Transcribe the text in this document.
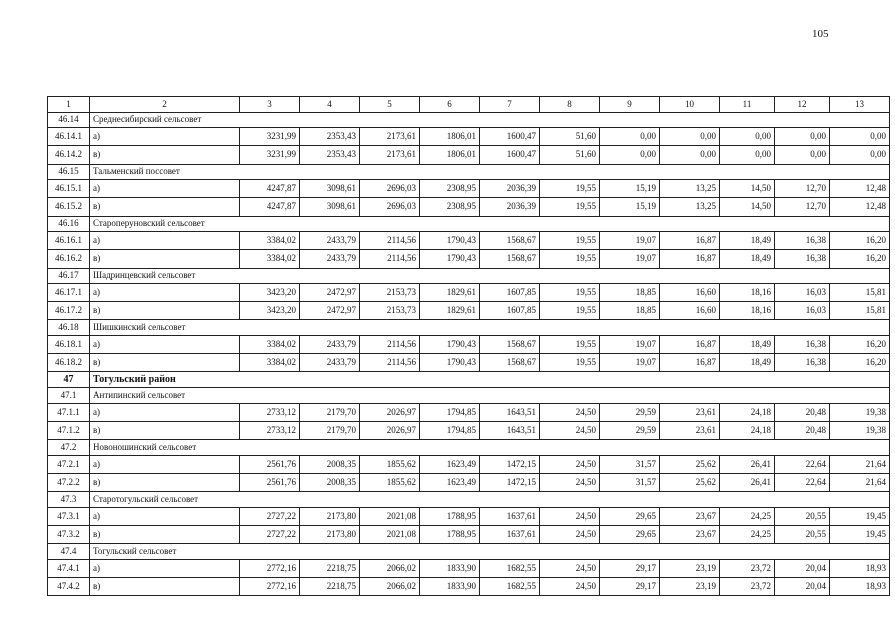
105
1	2	3	4	5	6	7	8	9	10	11	12	13
46.14	Среднесибирский сельсовет											
46.14.1	а)	3231,99	2353,43	2173,61	1806,01	1600,47	51,60	0,00	0,00	0,00	0,00	0,00
46.14.2	в)	3231,99	2353,43	2173,61	1806,01	1600,47	51,60	0,00	0,00	0,00	0,00	0,00
46.15	Тальменский поссовет											
46.15.1	а)	4247,87	3098,61	2696,03	2308,95	2036,39	19,55	15,19	13,25	14,50	12,70	12,48
46.15.2	в)	4247,87	3098,61	2696,03	2308,95	2036,39	19,55	15,19	13,25	14,50	12,70	12,48
46.16	Староперуновский сельсовет											
46.16.1	а)	3384,02	2433,79	2114,56	1790,43	1568,67	19,55	19,07	16,87	18,49	16,38	16,20
46.16.2	в)	3384,02	2433,79	2114,56	1790,43	1568,67	19,55	19,07	16,87	18,49	16,38	16,20
46.17	Шадринцевский сельсовет											
46.17.1	а)	3423,20	2472,97	2153,73	1829,61	1607,85	19,55	18,85	16,60	18,16	16,03	15,81
46.17.2	в)	3423,20	2472,97	2153,73	1829,61	1607,85	19,55	18,85	16,60	18,16	16,03	15,81
46.18	Шишкинский сельсовет											
46.18.1	а)	3384,02	2433,79	2114,56	1790,43	1568,67	19,55	19,07	16,87	18,49	16,38	16,20
46.18.2	в)	3384,02	2433,79	2114,56	1790,43	1568,67	19,55	19,07	16,87	18,49	16,38	16,20
47	Тогульский район											
47.1	Антипинский сельсовет											
47.1.1	а)	2733,12	2179,70	2026,97	1794,85	1643,51	24,50	29,59	23,61	24,18	20,48	19,38
47.1.2	в)	2733,12	2179,70	2026,97	1794,85	1643,51	24,50	29,59	23,61	24,18	20,48	19,38
47.2	Новоношинский сельсовет											
47.2.1	а)	2561,76	2008,35	1855,62	1623,49	1472,15	24,50	31,57	25,62	26,41	22,64	21,64
47.2.2	в)	2561,76	2008,35	1855,62	1623,49	1472,15	24,50	31,57	25,62	26,41	22,64	21,64
47.3	Старотогульский сельсовет											
47.3.1	а)	2727,22	2173,80	2021,08	1788,95	1637,61	24,50	29,65	23,67	24,25	20,55	19,45
47.3.2	в)	2727,22	2173,80	2021,08	1788,95	1637,61	24,50	29,65	23,67	24,25	20,55	19,45
47.4	Тогульский сельсовет											
47.4.1	а)	2772,16	2218,75	2066,02	1833,90	1682,55	24,50	29,17	23,19	23,72	20,04	18,93
47.4.2	в)	2772,16	2218,75	2066,02	1833,90	1682,55	24,50	29,17	23,19	23,72	20,04	18,93
